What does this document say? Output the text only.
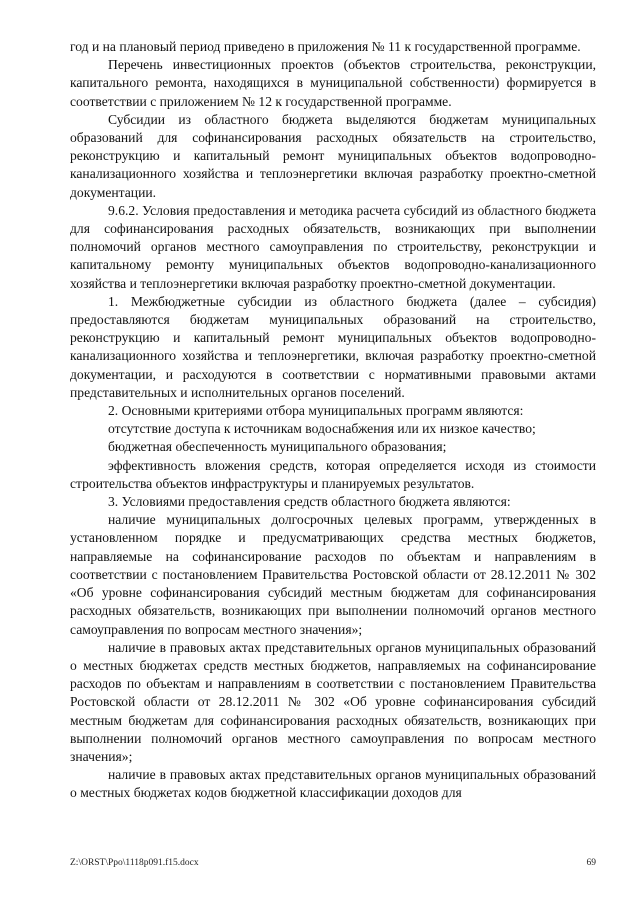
год и на плановый период приведено в приложения № 11 к государственной программе.

Перечень инвестиционных проектов (объектов строительства, реконструкции, капитального ремонта, находящихся в муниципальной собственности) формируется в соответствии с приложением № 12 к государственной программе.

Субсидии из областного бюджета выделяются бюджетам муниципальных образований для софинансирования расходных обязательств на строительство, реконструкцию и капитальный ремонт муниципальных объектов водопроводно-канализационного хозяйства и теплоэнергетики включая разработку проектно-сметной документации.

9.6.2. Условия предоставления и методика расчета субсидий из областного бюджета для софинансирования расходных обязательств, возникающих при выполнении полномочий органов местного самоуправления по строительству, реконструкции и капитальному ремонту муниципальных объектов водопроводно-канализационного хозяйства и теплоэнергетики включая разработку проектно-сметной документации.

1. Межбюджетные субсидии из областного бюджета (далее – субсидия) предоставляются бюджетам муниципальных образований на строительство, реконструкцию и капитальный ремонт муниципальных объектов водопроводно-канализационного хозяйства и теплоэнергетики, включая разработку проектно-сметной документации, и расходуются в соответствии с нормативными правовыми актами представительных и исполнительных органов поселений.

2. Основными критериями отбора муниципальных программ являются:

отсутствие доступа к источникам водоснабжения или их низкое качество;

бюджетная обеспеченность муниципального образования;

эффективность вложения средств, которая определяется исходя из стоимости строительства объектов инфраструктуры и планируемых результатов.

3. Условиями предоставления средств областного бюджета являются:

наличие муниципальных долгосрочных целевых программ, утвержденных в установленном порядке и предусматривающих средства местных бюджетов, направляемые на софинансирование расходов по объектам и направлениям в соответствии с постановлением Правительства Ростовской области от 28.12.2011 № 302 «Об уровне софинансирования субсидий местным бюджетам для софинансирования расходных обязательств, возникающих при выполнении полномочий органов местного самоуправления по вопросам местного значения»;

наличие в правовых актах представительных органов муниципальных образований о местных бюджетах средств местных бюджетов, направляемых на софинансирование расходов по объектам и направлениям в соответствии с постановлением Правительства Ростовской области от 28.12.2011 № 302 «Об уровне софинансирования субсидий местным бюджетам для софинансирования расходных обязательств, возникающих при выполнении полномочий органов местного самоуправления по вопросам местного значения»;

наличие в правовых актах представительных органов муниципальных образований о местных бюджетах кодов бюджетной классификации доходов для

Z:\ORST\Ppo\1118p091.f15.docx	69
